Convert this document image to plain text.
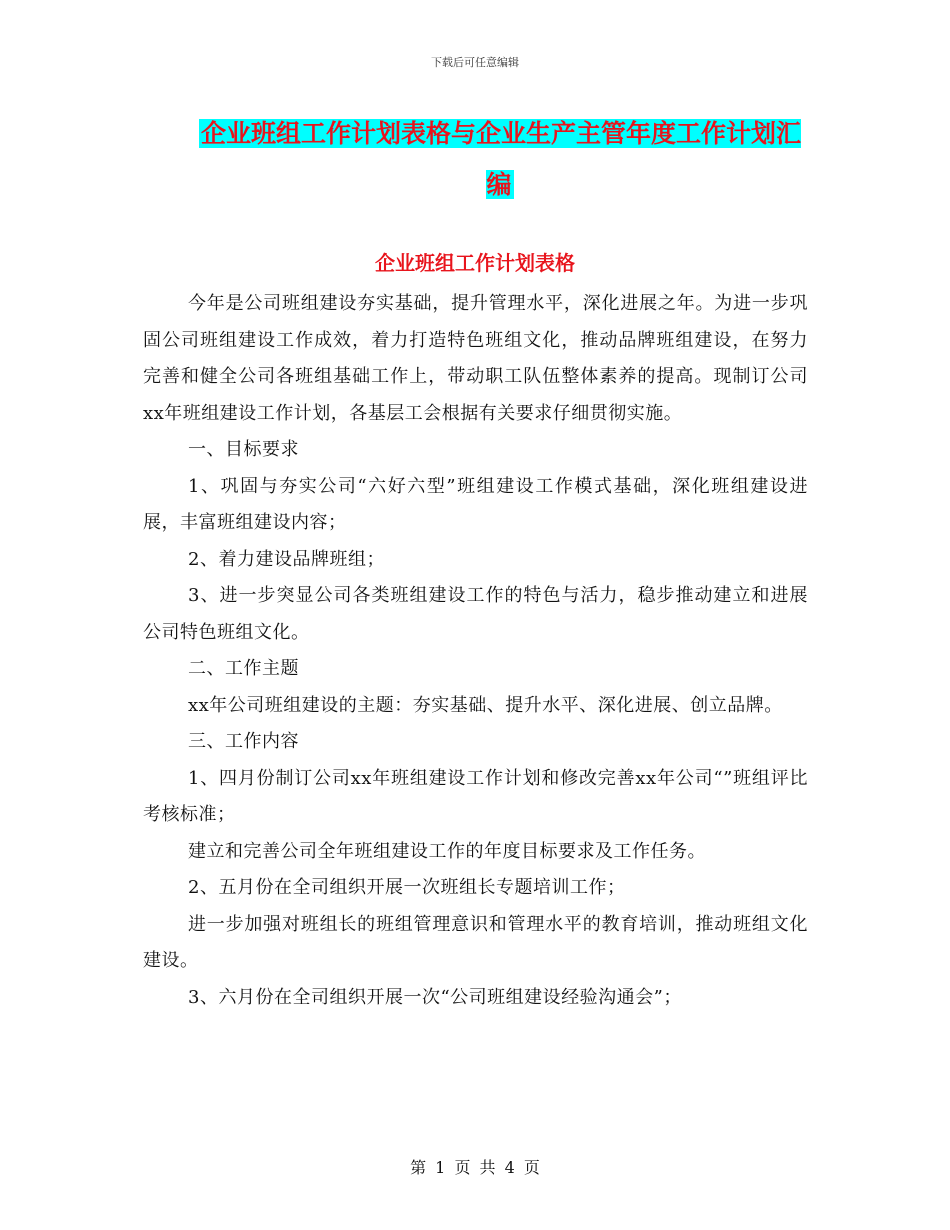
下载后可任意编辑
企业班组工作计划表格与企业生产主管年度工作计划汇编
企业班组工作计划表格

今年是公司班组建设夯实基础，提升管理水平，深化进展之年。为进一步巩固公司班组建设工作成效，着力打造特色班组文化，推动品牌班组建设，在努力完善和健全公司各班组基础工作上，带动职工队伍整体素养的提高。现制订公司xx年班组建设工作计划，各基层工会根据有关要求仔细贯彻实施。

一、目标要求

1、巩固与夯实公司“六好六型”班组建设工作模式基础，深化班组建设进展，丰富班组建设内容；

2、着力建设品牌班组；

3、进一步突显公司各类班组建设工作的特色与活力，稳步推动建立和进展公司特色班组文化。

二、工作主题

xx年公司班组建设的主题：夯实基础、提升水平、深化进展、创立品牌。

三、工作内容

1、四月份制订公司xx年班组建设工作计划和修改完善xx年公司“”班组评比考核标准；

建立和完善公司全年班组建设工作的年度目标要求及工作任务。

2、五月份在全司组织开展一次班组长专题培训工作；

进一步加强对班组长的班组管理意识和管理水平的教育培训，推动班组文化建设。

3、六月份在全司组织开展一次“公司班组建设经验沟通会”；

第 1 页 共 4 页
